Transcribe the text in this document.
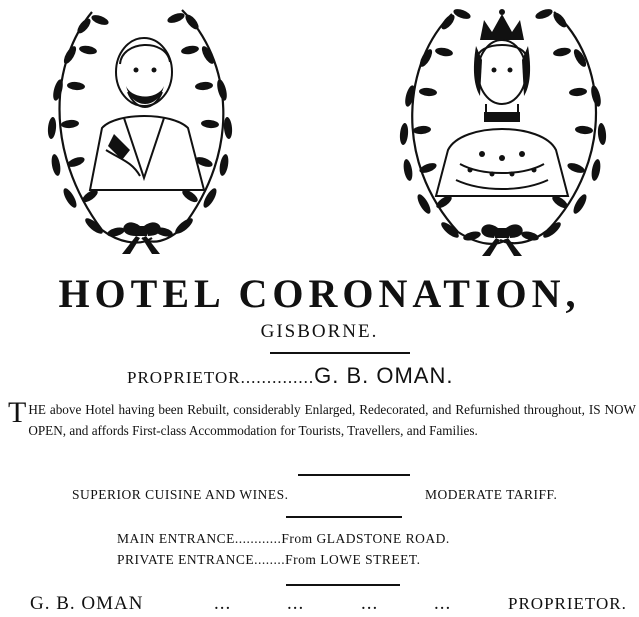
HOTEL CORONATION,
GISBORNE.
PROPRIETOR..............G. B. OMAN.
THE above Hotel having been Rebuilt, considerably Enlarged, Redecorated, and Refurnished throughout, IS NOW OPEN, and affords First-class Accommodation for Tourists, Travellers, and Families.
SUPERIOR CUISINE AND WINES.	MODERATE TARIFF.
MAIN ENTRANCE............From GLADSTONE ROAD.
PRIVATE ENTRANCE........From LOWE STREET.
G. B. OMAN	...	...	...	...	PROPRIETOR.
